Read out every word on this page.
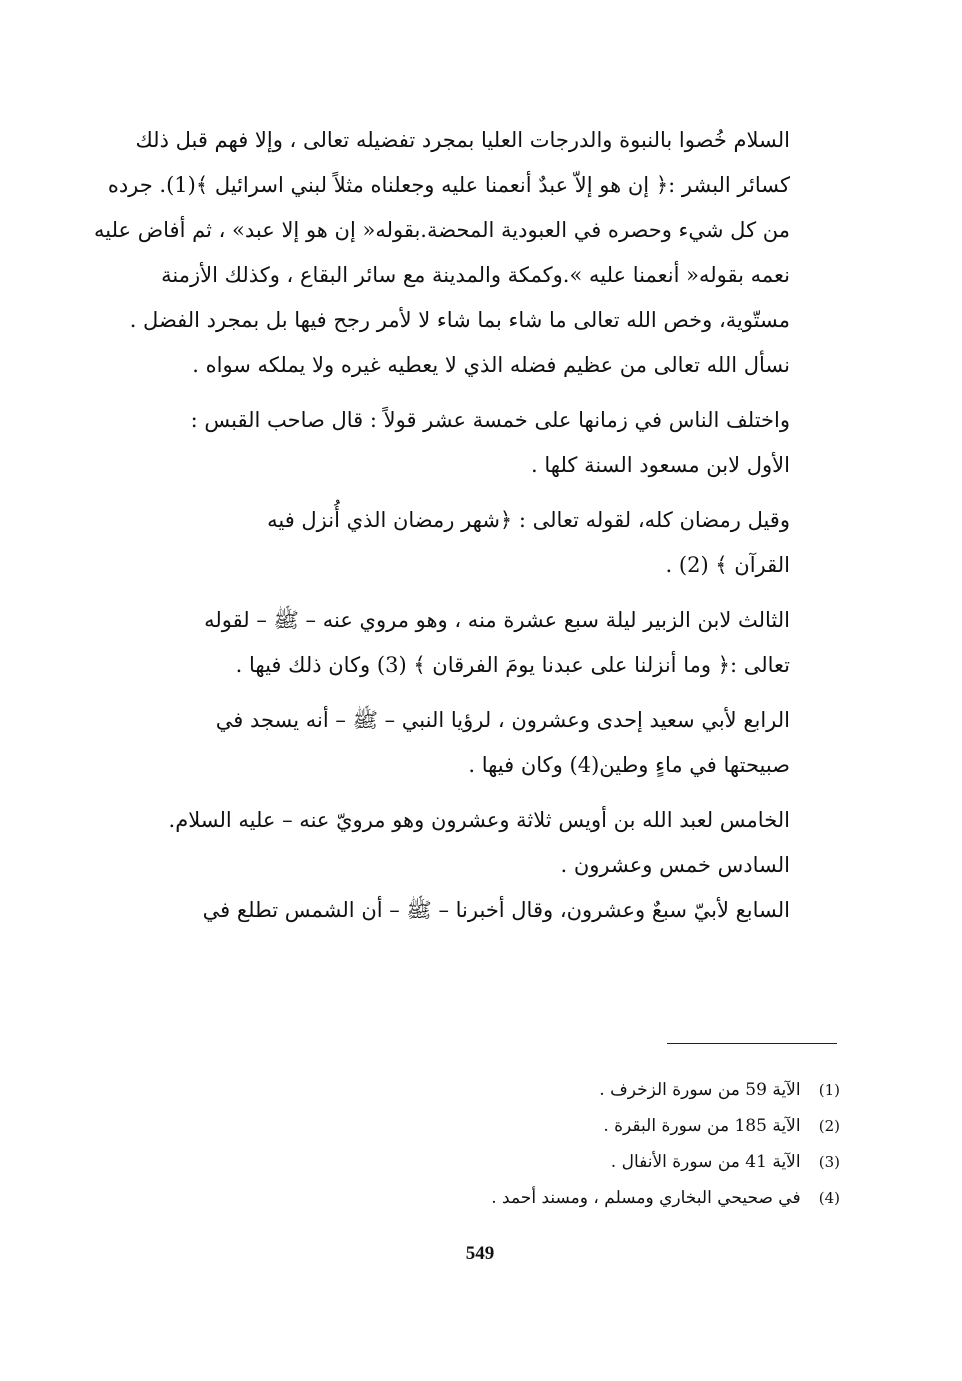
السلام خُصوا بالنبوة والدرجات العليا بمجرد تفضيله تعالى ، وإلا فهم قبل ذلك

كسائر البشر :﴿ إن هو إلاّ عبدٌ أنعمنا عليه وجعلناه مثلاً لبني اسرائيل ﴾(1). جرده

من كل شيء وحصره في العبودية المحضة.بقوله« إن هو إلا عبد» ، ثم أفاض عليه

نعمه بقوله« أنعمنا عليه ».وكمكة والمدينة مع سائر البقاع ، وكذلك الأزمنة

مستّوية، وخص الله تعالى ما شاء بما شاء لا لأمر رجح فيها بل بمجرد الفضل .

نسأل الله تعالى من عظيم فضله الذي لا يعطيه غيره ولا يملكه سواه .

واختلف الناس في زمانها على خمسة عشر قولاً : قال صاحب القبس :

الأول لابن مسعود السنة كلها .

وقيل رمضان كله، لقوله تعالى : ﴿شهر رمضان الذي أُنزل فيه

القرآن ﴾ (2) .

الثالث لابن الزبير ليلة سبع عشرة منه ، وهو مروي عنه – ﷺ – لقوله

تعالى :﴿ وما أنزلنا على عبدنا يومَ الفرقان ﴾ (3) وكان ذلك فيها .

الرابع لأبي سعيد إحدى وعشرون ، لرؤيا النبي – ﷺ – أنه يسجد في

صبيحتها في ماءٍ وطين(4) وكان فيها .

الخامس لعبد الله بن أويس ثلاثة وعشرون وهو مرويّ عنه – عليه السلام.

السادس خمس وعشرون .

السابع لأبيّ سبعٌ وعشرون، وقال أخبرنا – ﷺ – أن الشمس تطلع في

(1) الآية 59 من سورة الزخرف .
(2) الآية 185 من سورة البقرة .
(3) الآية 41 من سورة الأنفال .
(4) في صحيحي البخاري ومسلم ، ومسند أحمد .
549
